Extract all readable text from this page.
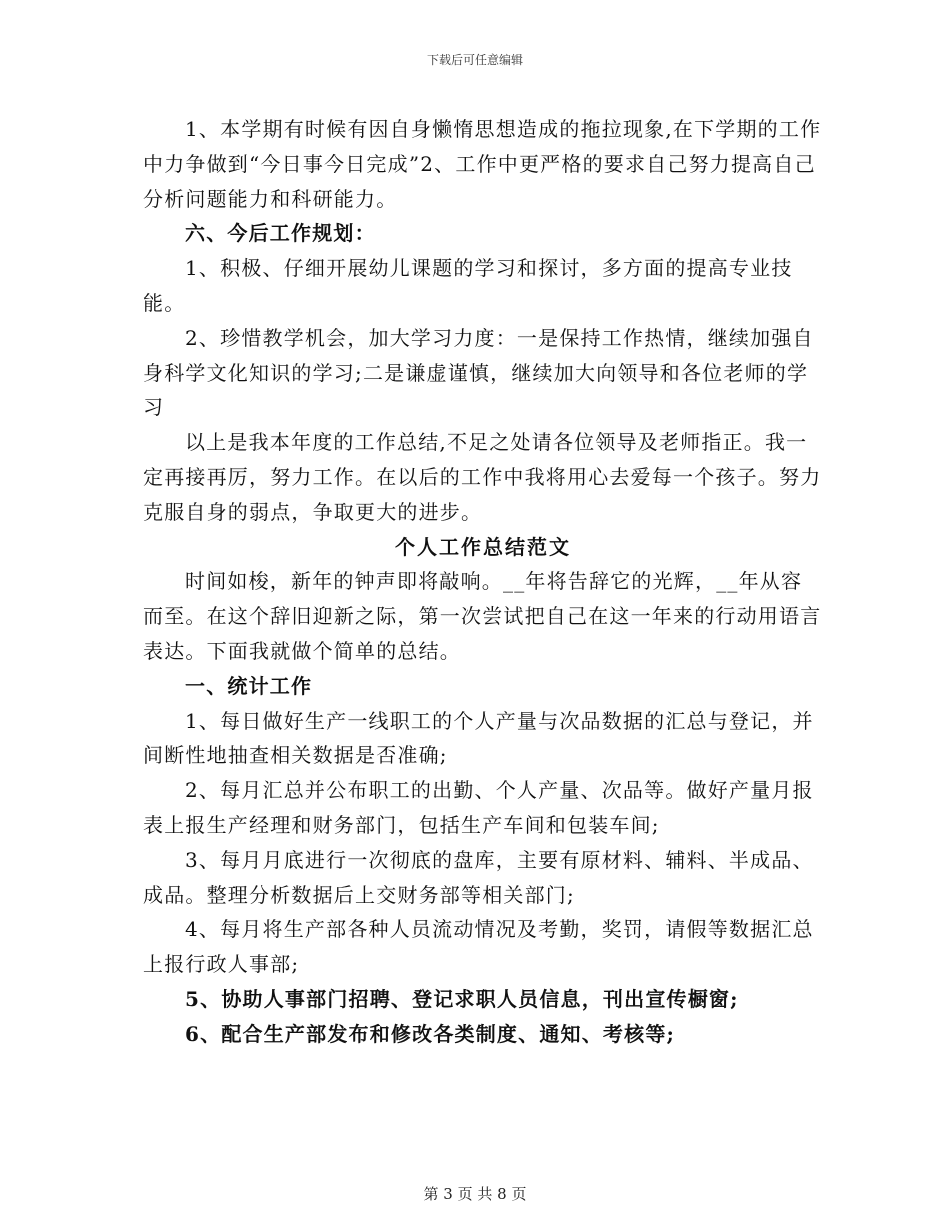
下载后可任意编辑

1、本学期有时候有因自身懒惰思想造成的拖拉现象,在下学期的工作中力争做到“今日事今日完成”2、工作中更严格的要求自己努力提高自己分析问题能力和科研能力。

六、今后工作规划：

1、积极、仔细开展幼儿课题的学习和探讨，多方面的提高专业技能。

2、珍惜教学机会，加大学习力度：一是保持工作热情，继续加强自身科学文化知识的学习;二是谦虚谨慎，继续加大向领导和各位老师的学习

以上是我本年度的工作总结,不足之处请各位领导及老师指正。我一定再接再厉，努力工作。在以后的工作中我将用心去爱每一个孩子。努力克服自身的弱点，争取更大的进步。

个人工作总结范文

时间如梭，新年的钟声即将敲响。__年将告辞它的光辉，__年从容而至。在这个辞旧迎新之际，第一次尝试把自己在这一年来的行动用语言表达。下面我就做个简单的总结。

一、统计工作

1、每日做好生产一线职工的个人产量与次品数据的汇总与登记，并间断性地抽查相关数据是否准确;

2、每月汇总并公布职工的出勤、个人产量、次品等。做好产量月报表上报生产经理和财务部门，包括生产车间和包装车间;

3、每月月底进行一次彻底的盘库，主要有原材料、辅料、半成品、成品。整理分析数据后上交财务部等相关部门;

4、每月将生产部各种人员流动情况及考勤，奖罚，请假等数据汇总上报行政人事部;

5、协助人事部门招聘、登记求职人员信息，刊出宣传橱窗;

6、配合生产部发布和修改各类制度、通知、考核等;

第 3 页 共 8 页
